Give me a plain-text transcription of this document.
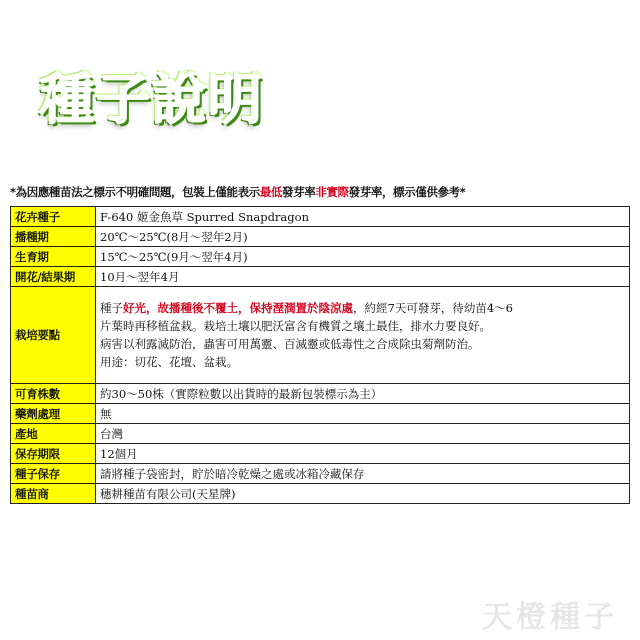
種子說明
*為因應種苗法之標示不明確問題，包裝上僅能表示最低發芽率非實際發芽率，標示僅供參考*
花卉種子	F-640 姬金魚草 Spurred Snapdragon
播種期	20℃～25℃(8月～翌年2月)
生育期	15℃～25℃(9月～翌年4月)
開花/結果期	10月～翌年4月
栽培要點	種子好光，故播種後不覆土，保持溼潤置於陰涼處，約經7天可發芽，待幼苗4～6
片葉時再移植盆栽。栽培土壤以肥沃富含有機質之壤土最佳，排水力要良好。
病害以利露滅防治，蟲害可用萬靈、百滅靈或低毒性之合成除虫菊劑防治。
用途：切花、花壇、盆栽。

可育株數	約30～50株（實際粒數以出貨時的最新包裝標示為主）
藥劑處理	無
產地	台灣
保存期限	12個月
種子保存	請將種子袋密封，貯於暗冷乾燥之處或冰箱冷藏保存
種苗商	穗耕種苗有限公司(天星牌)
天橙種子
